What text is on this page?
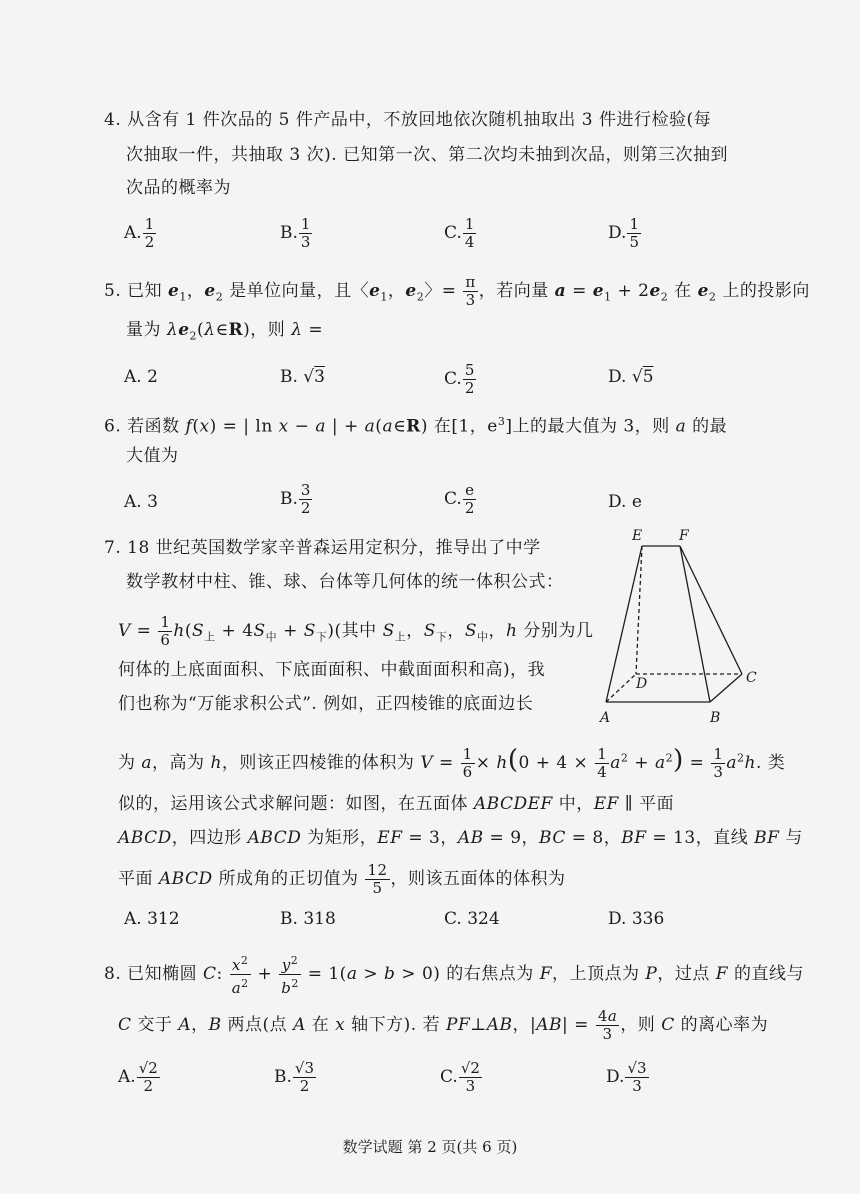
4. 从含有 1 件次品的 5 件产品中，不放回地依次随机抽取出 3 件进行检验(每
次抽取一件，共抽取 3 次). 已知第一次、第二次均未抽到次品，则第三次抽到
次品的概率为
A. $\frac{1}{2}$	B. $\frac{1}{3}$	C. $\frac{1}{4}$	D. $\frac{1}{5}$
5. 已知 $e_1$，$e_2$ 是单位向量，且〈$e_1$，$e_2$〉= $\frac{\pi}{3}$ ，若向量 $a = e_1 + 2e_2$ 在 $e_2$ 上的投影向
量为 $\lambda e_2(\lambda\in R)$，则 λ =
A. 2	B. √3	C. $\frac{5}{2}$	D. √5
6. 若函数 f(x) = | ln x − a | + a(a∈R) 在[1，$e^3$]上的最大值为 3，则 a 的最
大值为
A. 3	B. $\frac{3}{2}$	C. $\frac{e}{2}$	D. e
7. 18 世纪英国数学家辛普森运用定积分，推导出了中学
数学教材中柱、锥、球、台体等几何体的统一体积公式：
$V = \frac{1}{6} h(S_上 + 4S_中 + S_下)$(其中 $S_上$，$S_下$，$S_中$，h 分别为几
何体的上底面面积、下底面面积、中截面面积和高)，我
们也称为“万能求积公式”. 例如，正四棱锥的底面边长
为 a，高为 h，则该正四棱锥的体积为 $V = \frac{1}{6} \times h(0 + 4 \times \frac{1}{4} a^2 + a^2) = \frac{1}{3} a^2h$. 类
似的，运用该公式求解问题：如图，在五面体 ABCDEF 中，EF ∥ 平面
ABCD，四边形 ABCD 为矩形，EF = 3，AB = 9，BC = 8，BF = 13，直线 BF 与
平面 ABCD 所成角的正切值为 $\frac{12}{5}$ ，则该五面体的体积为
A. 312	B. 318	C. 324	D. 336
E	F
D	C
A	B
8. 已知椭圆 C: $\frac{x^2}{a^2} + \frac{y^2}{b^2} = 1(a > b > 0)$ 的右焦点为 F，上顶点为 P，过点 F 的直线与
C 交于 A，B 两点(点 A 在 x 轴下方). 若 PF⊥AB，$|AB| = \frac{4a}{3}$ ，则 C 的离心率为
A. $\frac{√2}{2}$	B. $\frac{√3}{2}$	C. $\frac{√2}{3}$	D. $\frac{√3}{3}$
数学试题 第 2 页(共 6 页)
